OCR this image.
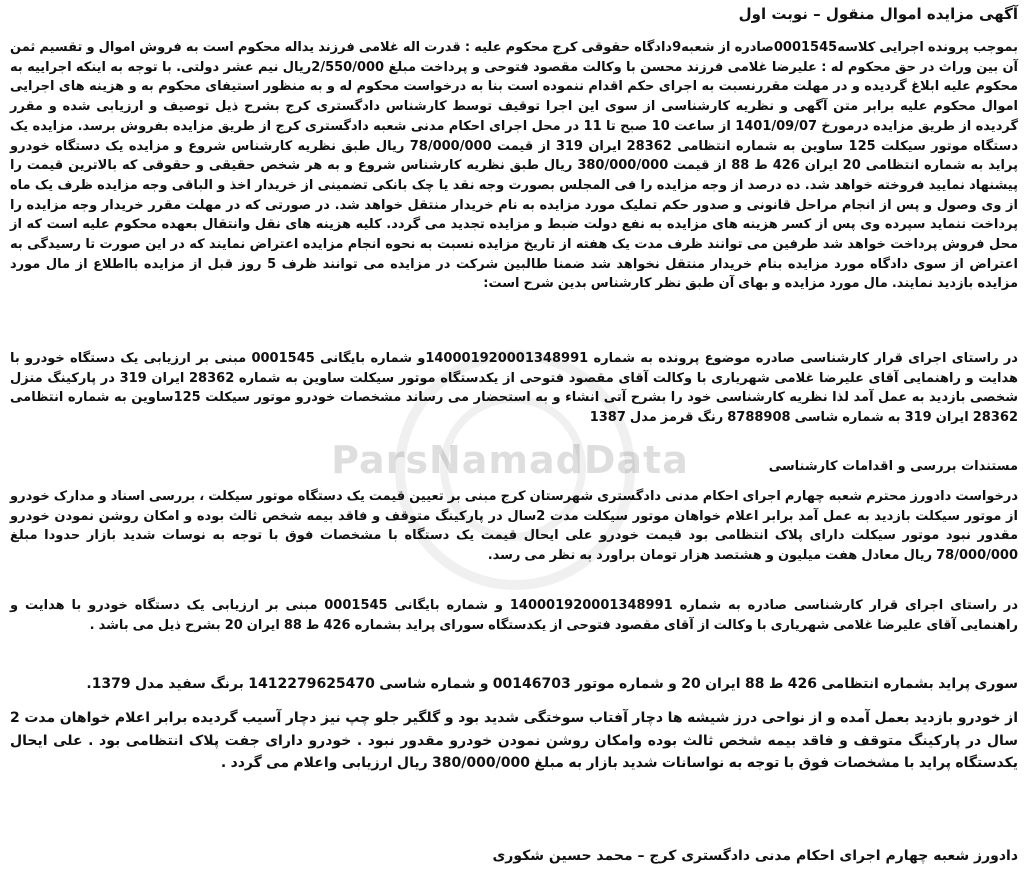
ParsNamadData
آگهی مزایده اموال منقول – نوبت اول

بموجب پرونده اجرایی کلاسه0001545صادره از شعبه9دادگاه حقوقی کرج محکوم علیه : قدرت اله غلامی فرزند یداله محکوم است به فروش اموال و تقسیم ثمن آن بین وراث در حق محکوم له : علیرضا غلامی فرزند محسن با وکالت مقصود فتوحی و پرداخت مبلغ 2/550/000ریال نیم عشر دولتی. با توجه به اینکه اجراییه به محکوم علیه ابلاغ گردیده و در مهلت مقررنسبت به اجرای حکم اقدام ننموده است بنا به درخواست محکوم له و به منظور استیفای محکوم به و هزینه های اجرایی اموال محکوم علیه برابر متن آگهی و نظریه کارشناسی از سوی این اجرا توقیف توسط کارشناس دادگستری کرج بشرح ذیل توصیف و ارزیابی شده و مقرر گردیده از طریق مزایده درمورخ 1401/09/07 از ساعت 10 صبح تا 11 در محل اجرای احکام مدنی شعبه دادگستری کرج از طریق مزایده بفروش برسد. مزایده یک دستگاه موتور سیکلت 125 ساوین به شماره انتظامی 28362 ایران 319 از قیمت 78/000/000 ریال طبق نظریه کارشناس شروع و مزایده یک دستگاه خودرو پراید به شماره انتظامی 20 ایران 426 ط 88 از قیمت 380/000/000 ریال طبق نظریه کارشناس شروع و به هر شخص حقیقی و حقوقی که بالاترین قیمت را پیشنهاد نمایید فروخته خواهد شد. ده درصد از وجه مزایده را فی المجلس بصورت وجه نقد یا چک بانکی تضمینی از خریدار اخذ و الباقی وجه مزایده ظرف یک ماه از وی وصول و پس از انجام مراحل قانونی و صدور حکم تملیک مورد مزایده به نام خریدار منتقل خواهد شد. در صورتی که در مهلت مقرر خریدار وجه مزایده را پرداخت ننماید سپرده وی پس از کسر هزینه های مزایده به نفع دولت ضبط و مزایده تجدید می گردد. کلیه هزینه های نقل وانتقال بعهده محکوم علیه است که از محل فروش پرداخت خواهد شد طرفین می توانند ظرف مدت یک هفته از تاریخ مزایده نسبت به نحوه انجام مزایده اعتراض نمایند که در این صورت تا رسیدگی به اعتراض از سوی دادگاه مورد مزایده بنام خریدار منتقل نخواهد شد ضمنا طالبین شرکت در مزایده می توانند ظرف 5 روز قبل از مزایده بااطلاع از مال مورد مزایده بازدید نمایند. مال مورد مزایده و بهای آن طبق نظر کارشناس بدین شرح است:

در راستای اجرای قرار کارشناسی صادره موضوع پرونده به شماره 140001920001348991و شماره بایگانی 0001545 مبنی بر ارزیابی یک دستگاه خودرو با هدایت و راهنمایی آقای علیرضا غلامی شهریاری با وکالت آقای مقصود فتوحی از یکدستگاه موتور سیکلت ساوین به شماره 28362 ایران 319 در پارکینگ منزل شخصی بازدید به عمل آمد لذا نظریه کارشناسی خود را بشرح آتی انشاء و به استحضار می رساند مشخصات خودرو موتور سیکلت 125ساوین به شماره انتظامی 28362 ایران 319 به شماره شاسی 8788908 رنگ قرمز مدل 1387

مستندات بررسی و اقدامات کارشناسی

درخواست دادورز محترم شعبه چهارم اجرای احکام مدنی دادگستری شهرستان کرج مبنی بر تعیین قیمت یک دستگاه موتور سیکلت ، بررسی اسناد و مدارک خودرو از موتور سیکلت بازدید به عمل آمد برابر اعلام خواهان موتور سیکلت مدت 2سال در پارکینگ متوقف و فاقد بیمه شخص ثالث بوده و امکان روشن نمودن خودرو مقدور نبود موتور سیکلت دارای پلاک انتظامی بود قیمت خودرو علی ایحال قیمت یک دستگاه با مشخصات فوق با توجه به نوسات شدید بازار حدودا مبلغ 78/000/000 ریال معادل هفت میلیون و هشتصد هزار تومان براورد به نظر می رسد.

در راستای اجرای قرار کارشناسی صادره به شماره 140001920001348991 و شماره بایگانی 0001545 مبنی بر ارزیابی یک دستگاه خودرو با هدایت و راهنمایی آقای علیرضا غلامی شهریاری با وکالت از آقای مقصود فتوحی از یکدستگاه سورای پراید بشماره 426 ط 88 ایران 20 بشرح ذیل می باشد .

سوری پراید بشماره انتظامی 426 ط 88 ایران 20 و شماره موتور 00146703 و شماره شاسی 1412279625470 برنگ سفید مدل 1379.

از خودرو بازدید بعمل آمده و از نواحی درز شیشه ها دچار آفتاب سوختگی شدید بود و گلگیر جلو چپ نیز دچار آسیب گردیده برابر اعلام خواهان مدت 2 سال در پارکینگ متوقف و فاقد بیمه شخص ثالث بوده وامکان روشن نمودن خودرو مقدور نبود . خودرو دارای جفت پلاک انتظامی بود . علی ایحال یکدستگاه پراید با مشخصات فوق با توجه به نواسانات شدید بازار به مبلغ 380/000/000 ریال ارزیابی واعلام می گردد .

دادورز شعبه چهارم اجرای احکام مدنی دادگستری کرج – محمد حسین شکوری
